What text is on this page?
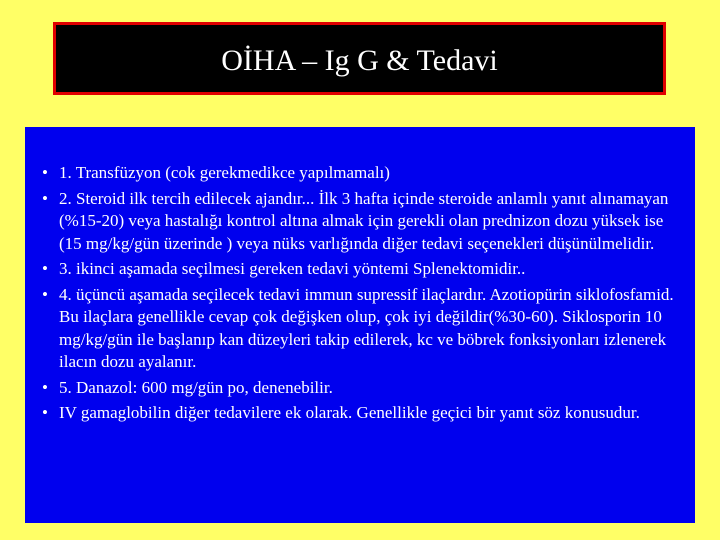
OİHA – Ig G & Tedavi
• 1. Transfüzyon (cok gerekmedikce yapılmamalı)
• 2. Steroid ilk tercih edilecek ajandır... İlk 3 hafta içinde steroide anlamlı yanıt alınamayan (%15-20) veya hastalığı kontrol altına almak için gerekli olan prednizon dozu yüksek ise (15 mg/kg/gün üzerinde ) veya nüks varlığında diğer tedavi seçenekleri düşünülmelidir.
• 3. ikinci aşamada seçilmesi gereken tedavi yöntemi Splenektomidir..
• 4. üçüncü aşamada seçilecek tedavi immun supressif ilaçlardır. Azotiopürin siklofosfamid. Bu ilaçlara genellikle cevap çok değişken olup, çok iyi değildir(%30-60). Siklosporin 10 mg/kg/gün ile başlanıp kan düzeyleri takip edilerek, kc ve böbrek fonksiyonları izlenerek ilacın dozu ayalanır.
• 5. Danazol: 600 mg/gün po, denenebilir.
• IV gamaglobilin diğer tedavilere ek olarak. Genellikle geçici bir yanıt söz konusudur.
